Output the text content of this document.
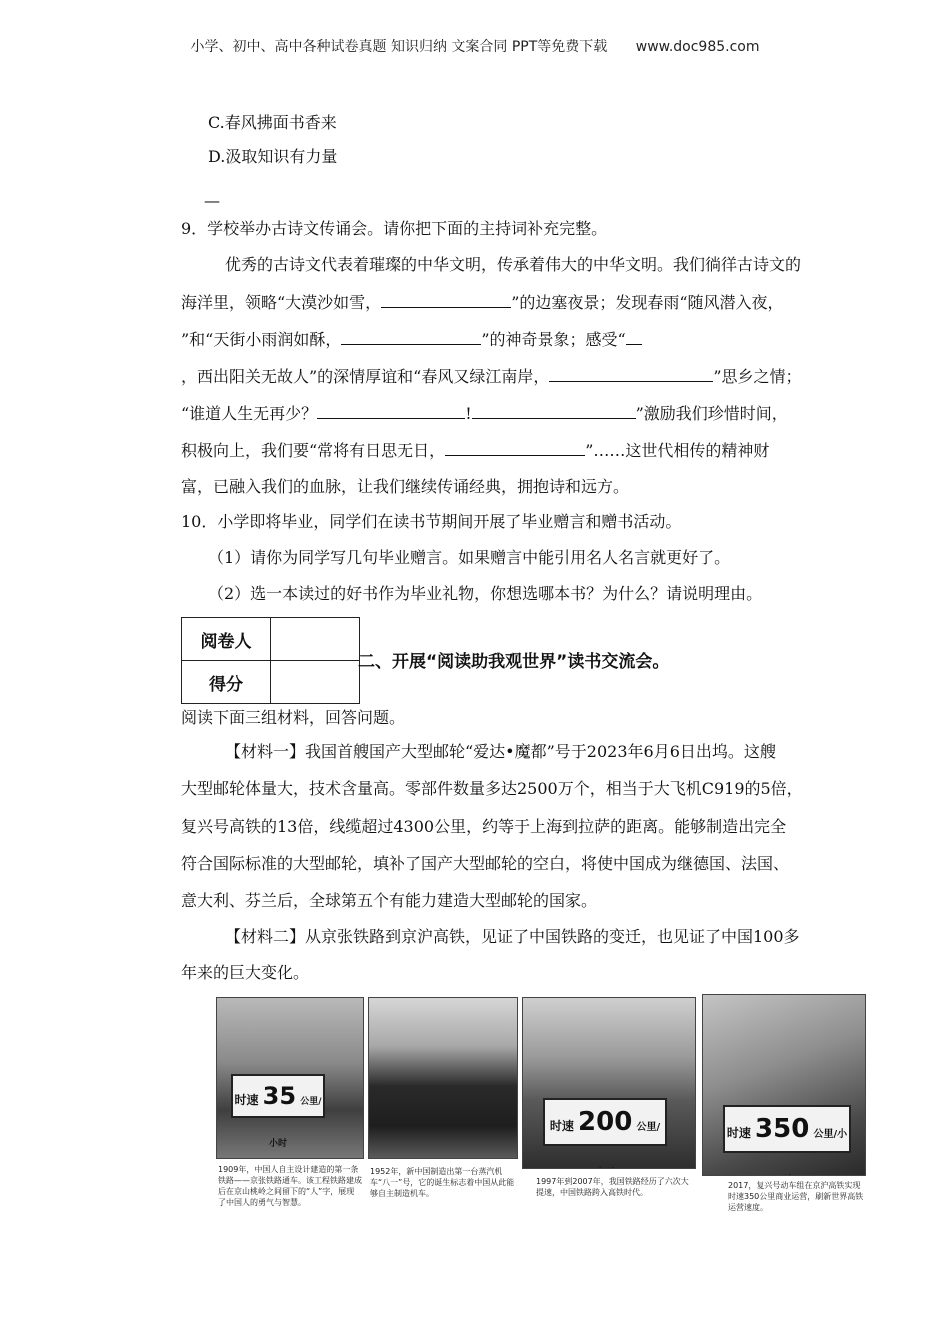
小学、初中、高中各种试卷真题 知识归纳 文案合同 PPT等免费下载 www.doc985.com
C.春风拂面书香来
D.汲取知识有力量
—
9．学校举办古诗文传诵会。请你把下面的主持词补充完整。
优秀的古诗文代表着璀璨的中华文明，传承着伟大的中华文明。我们徜徉古诗文的
海洋里，领略“大漠沙如雪，	”的边塞夜景；发现春雨“随风潜入夜，
”和“天街小雨润如酥，	”的神奇景象；感受“
，西出阳关无故人”的深情厚谊和“春风又绿江南岸，	”思乡之情；
“谁道人生无再少？	!	”激励我们珍惜时间，
积极向上，我们要“常将有日思无日，	”……这世代相传的精神财
富，已融入我们的血脉，让我们继续传诵经典，拥抱诗和远方。
10．小学即将毕业，同学们在读书节期间开展了毕业赠言和赠书活动。
（1）请你为同学写几句毕业赠言。如果赠言中能引用名人名言就更好了。
（2）选一本读过的好书作为毕业礼物，你想选哪本书？为什么？请说明理由。
阅卷人	
得分	
二、开展“阅读助我观世界”读书交流会。
阅读下面三组材料，回答问题。
【材料一】我国首艘国产大型邮轮“爱达•魔都”号于2023年6月6日出坞。这艘
大型邮轮体量大，技术含量高。零部件数量多达2500万个，相当于大飞机C919的5倍，
复兴号高铁的13倍，线缆超过4300公里，约等于上海到拉萨的距离。能够制造出完全
符合国际标准的大型邮轮，填补了国产大型邮轮的空白，将使中国成为继德国、法国、
意大利、芬兰后，全球第五个有能力建造大型邮轮的国家。
【材料二】从京张铁路到京沪高铁，见证了中国铁路的变迁，也见证了中国100多
年来的巨大变化。
时速 35 公里/小时
1909年，中国人自主设计建造的第一条铁路——京张铁路通车。该工程铁路建成后在京山桃岭之间留下的“人”字，展现了中国人的勇气与智慧。
1952年，新中国制造出第一台蒸汽机车“八一”号，它的诞生标志着中国从此能够自主制造机车。
时速 200 公里/
1997年到2007年，我国铁路经历了六次大提速，中国铁路跨入高铁时代。
时速 350 公里/小
2017，复兴号动车组在京沪高铁实现时速350公里商业运营，刷新世界高铁运营速度。
